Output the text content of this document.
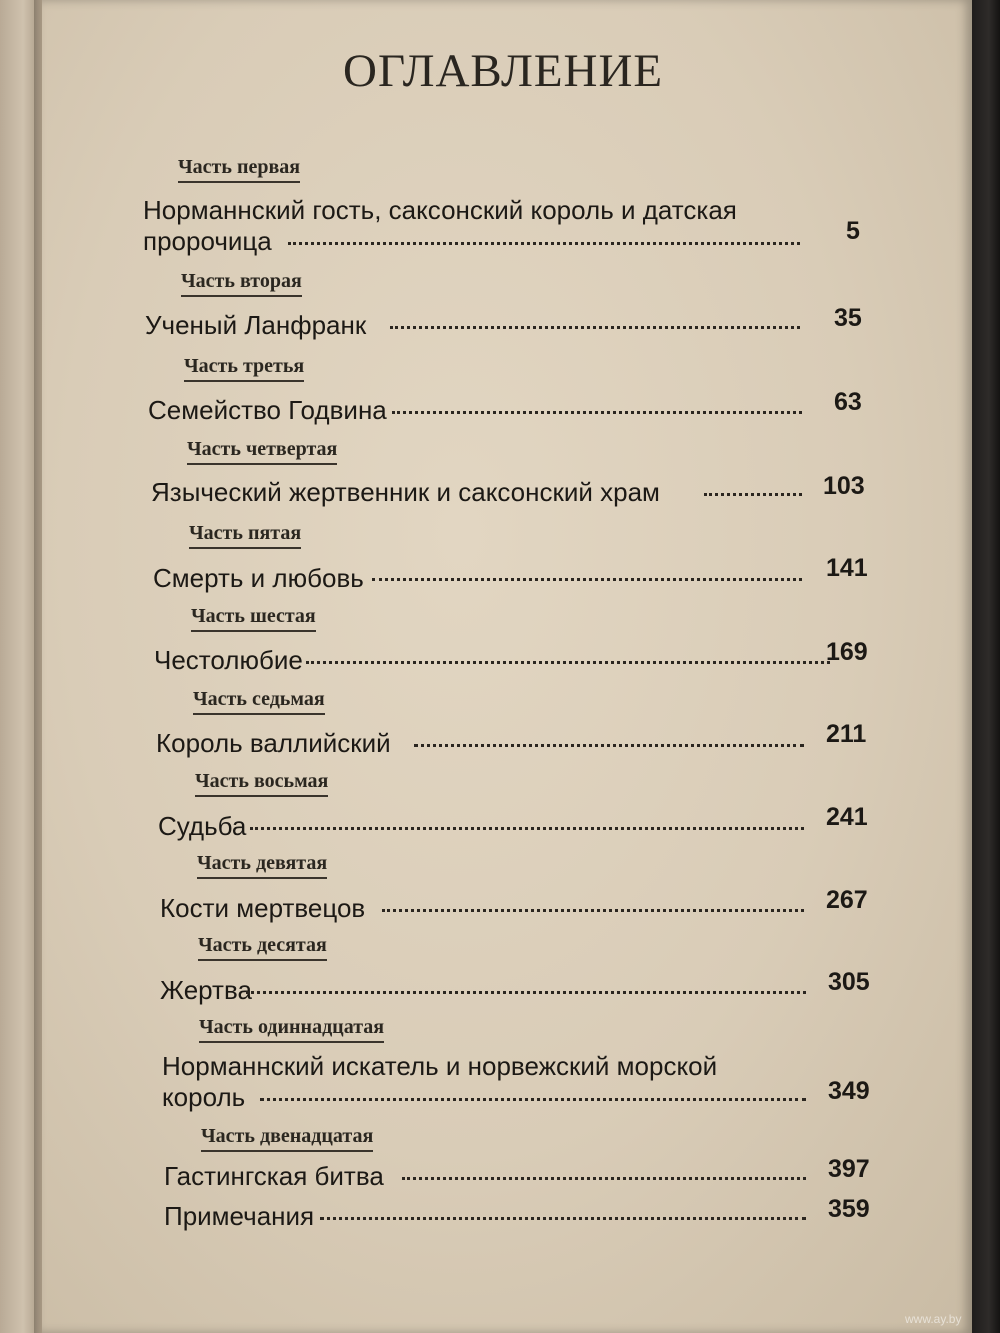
ОГЛАВЛЕНИЕ
Часть первая
Норманнский гость, саксонский король и датская
пророчица	5
Часть вторая
Ученый Ланфранк	35
Часть третья
Семейство Годвина	63
Часть четвертая
Языческий жертвенник и саксонский храм	103
Часть пятая
Смерть и любовь	141
Часть шестая
Честолюбие	169
Часть седьмая
Король валлийский	211
Часть восьмая
Судьба	241
Часть девятая
Кости мертвецов	267
Часть десятая
Жертва	305
Часть одиннадцатая
Норманнский искатель и норвежский морской
король	349
Часть двенадцатая
Гастингская битва	397
Примечания	359
www.ay.by
